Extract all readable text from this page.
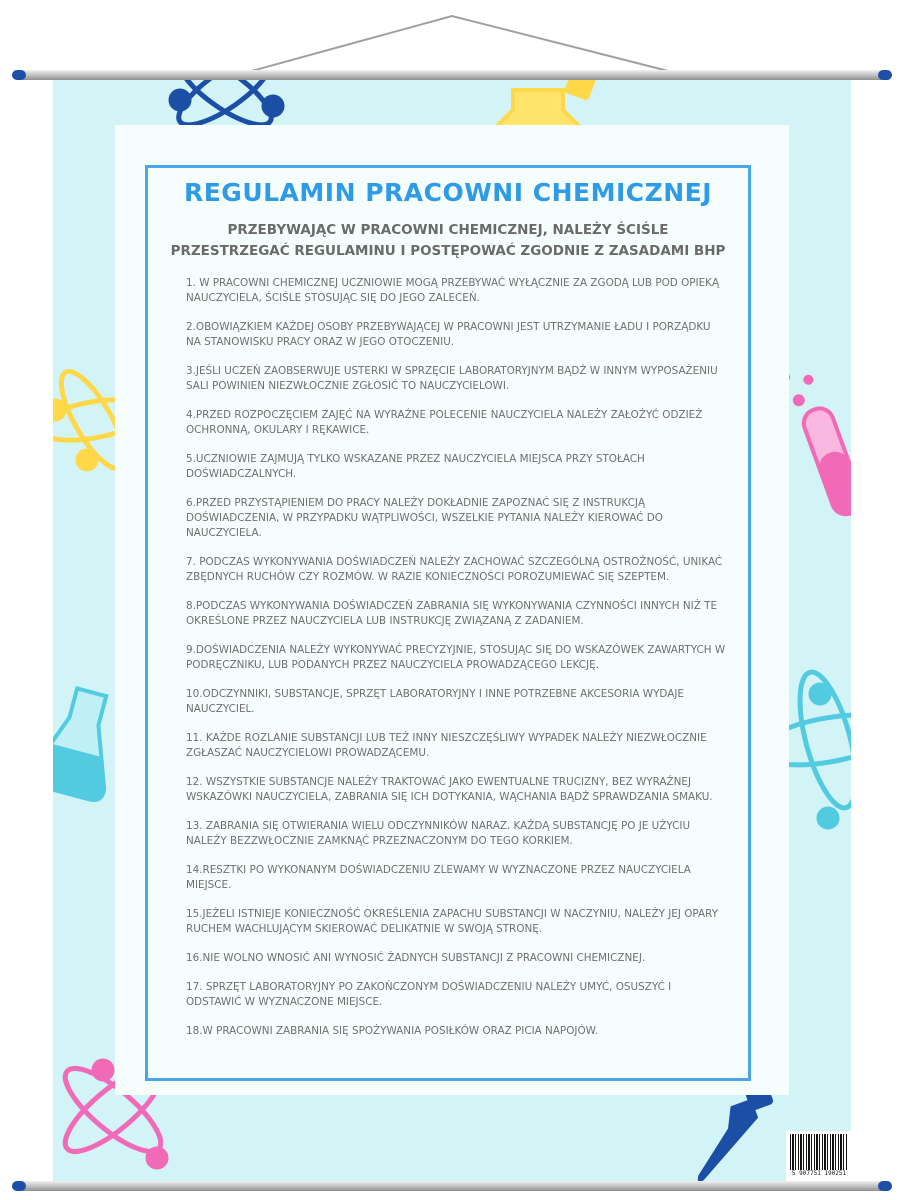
REGULAMIN PRACOWNI CHEMICZNEJ
PRZEBYWAJĄC W PRACOWNI CHEMICZNEJ, NALEŻY ŚCIŚLE PRZESTRZEGAĆ REGULAMINU I POSTĘPOWAĆ ZGODNIE Z ZASADAMI BHP

1. W PRACOWNI CHEMICZNEJ UCZNIOWIE MOGĄ PRZEBYWAĆ WYŁĄCZNIE ZA ZGODĄ LUB POD OPIEKĄ NAUCZYCIELA, ŚCIŚLE STOSUJĄC SIĘ DO JEGO ZALECEŃ.

2.OBOWIĄZKIEM KAŻDEJ OSOBY PRZEBYWAJĄCEJ W PRACOWNI JEST UTRZYMANIE ŁADU I PORZĄDKU NA STANOWISKU PRACY ORAZ W JEGO OTOCZENIU.

3.JEŚLI UCZEŃ ZAOBSERWUJE USTERKI W SPRZĘCIE LABORATORYJNYM BĄDŹ W INNYM WYPOSAŻENIU SALI POWINIEN NIEZWŁOCZNIE ZGŁOSIĆ TO NAUCZYCIELOWI.

4.PRZED ROZPOCZĘCIEM ZAJĘĆ NA WYRAŹNE POLECENIE NAUCZYCIELA NALEŻY ZAŁOŻYĆ ODZIEŻ OCHRONNĄ, OKULARY I RĘKAWICE.

5.UCZNIOWIE ZAJMUJĄ TYLKO WSKAZANE PRZEZ NAUCZYCIELA MIEJSCA PRZY STOŁACH DOŚWIADCZALNYCH.

6.PRZED PRZYSTĄPIENIEM DO PRACY NALEŻY DOKŁADNIE ZAPOZNAĆ SIĘ Z INSTRUKCJĄ DOŚWIADCZENIA, W PRZYPADKU WĄTPLIWOŚCI, WSZELKIE PYTANIA NALEŻY KIEROWAĆ DO NAUCZYCIELA.

7. PODCZAS WYKONYWANIA DOŚWIADCZEŃ NALEŻY ZACHOWAĆ SZCZEGÓLNĄ OSTROŻNOŚĆ, UNIKAĆ ZBĘDNYCH RUCHÓW CZY ROZMÓW. W RAZIE KONIECZNOŚCI POROZUMIEWAĆ SIĘ SZEPTEM.

8.PODCZAS WYKONYWANIA DOŚWIADCZEŃ ZABRANIA SIĘ WYKONYWANIA CZYNNOŚCI INNYCH NIŻ TE OKREŚLONE PRZEZ NAUCZYCIELA LUB INSTRUKCJĘ ZWIĄZANĄ Z ZADANIEM.

9.DOŚWIADCZENIA NALEŻY WYKONYWAĆ PRECYZYJNIE, STOSUJĄC SIĘ DO WSKAZÓWEK ZAWARTYCH W PODRĘCZNIKU, LUB PODANYCH PRZEZ NAUCZYCIELA PROWADZĄCEGO LEKCJĘ.

10.ODCZYNNIKI, SUBSTANCJE, SPRZĘT LABORATORYJNY I INNE POTRZEBNE AKCESORIA WYDAJE NAUCZYCIEL.

11. KAŻDE ROZLANIE SUBSTANCJI LUB TEŻ INNY NIESZCZĘŚLIWY WYPADEK NALEŻY NIEZWŁOCZNIE ZGŁASZAĆ NAUCZYCIELOWI PROWADZĄCEMU.

12. WSZYSTKIE SUBSTANCJE NALEŻY TRAKTOWAĆ JAKO EWENTUALNE TRUCIZNY, BEZ WYRAŹNEJ WSKAZÓWKI NAUCZYCIELA, ZABRANIA SIĘ ICH DOTYKANIA, WĄCHANIA BĄDŹ SPRAWDZANIA SMAKU.

13. ZABRANIA SIĘ OTWIERANIA WIELU ODCZYNNIKÓW NARAZ. KAŻDĄ SUBSTANCJĘ PO JE UŻYCIU NALEŻY BEZZWŁOCZNIE ZAMKNĄĆ PRZEZNACZONYM DO TEGO KORKIEM.

14.RESZTKI PO WYKONANYM DOŚWIADCZENIU ZLEWAMY W WYZNACZONE PRZEZ NAUCZYCIELA MIEJSCE.

15.JEŻELI ISTNIEJE KONIECZNOŚĆ OKREŚLENIA ZAPACHU SUBSTANCJI W NACZYNIU, NALEŻY JEJ OPARY RUCHEM WACHLUJĄCYM SKIEROWAĆ DELIKATNIE W SWOJĄ STRONĘ.

16.NIE WOLNO WNOSIĆ ANI WYNOSIĆ ŻADNYCH SUBSTANCJI Z PRACOWNI CHEMICZNEJ.

17. SPRZĘT LABORATORYJNY PO ZAKOŃCZONYM DOŚWIADCZENIU NALEŻY UMYĆ, OSUSZYĆ I ODSTAWIĆ W WYZNACZONE MIEJSCE.

18.W PRACOWNI ZABRANIA SIĘ SPOŻYWANIA POSIŁKÓW ORAZ PICIA NAPOJÓW.

5 907751 190251
